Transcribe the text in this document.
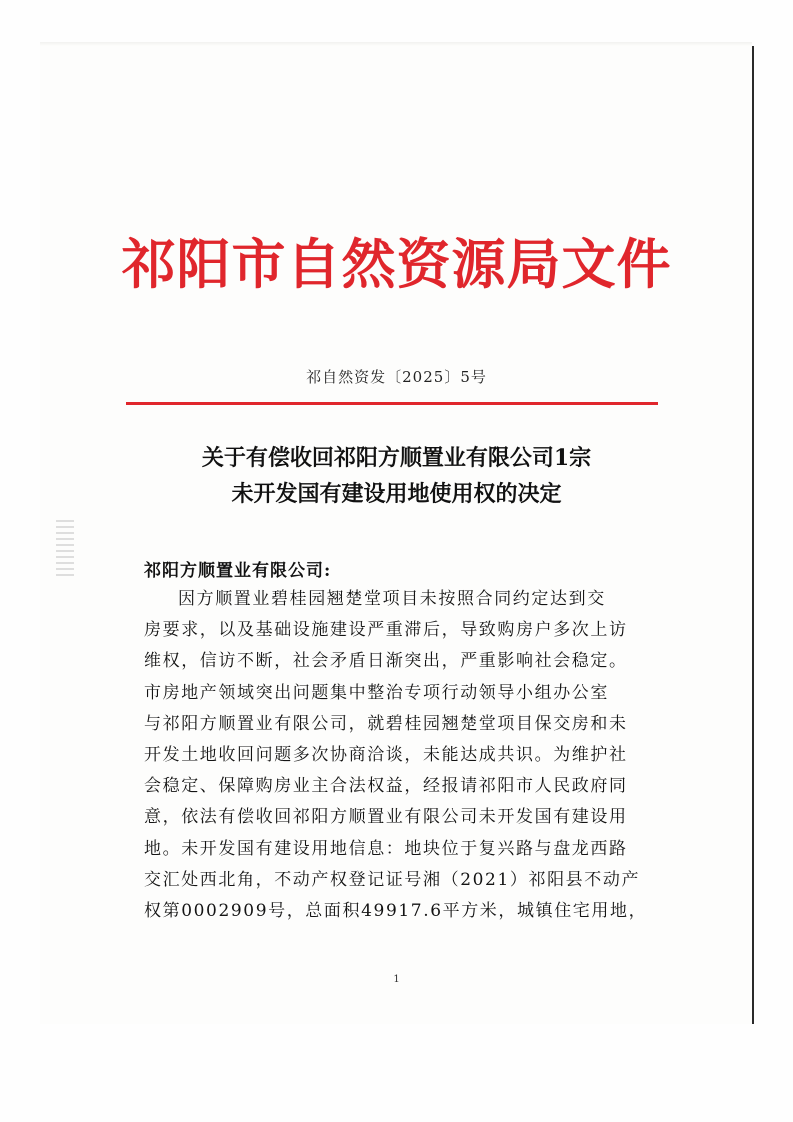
祁阳市自然资源局文件
祁自然资发〔2025〕5号
关于有偿收回祁阳方顺置业有限公司1宗
未开发国有建设用地使用权的决定
祁阳方顺置业有限公司:
因方顺置业碧桂园翘楚堂项目未按照合同约定达到交
房要求，以及基础设施建设严重滞后，导致购房户多次上访
维权，信访不断，社会矛盾日渐突出，严重影响社会稳定。
市房地产领域突出问题集中整治专项行动领导小组办公室
与祁阳方顺置业有限公司，就碧桂园翘楚堂项目保交房和未
开发土地收回问题多次协商洽谈，未能达成共识。为维护社
会稳定、保障购房业主合法权益，经报请祁阳市人民政府同
意，依法有偿收回祁阳方顺置业有限公司未开发国有建设用
地。未开发国有建设用地信息：地块位于复兴路与盘龙西路
交汇处西北角，不动产权登记证号湘（2021）祁阳县不动产
权第0002909号，总面积49917.6平方米，城镇住宅用地，
1
